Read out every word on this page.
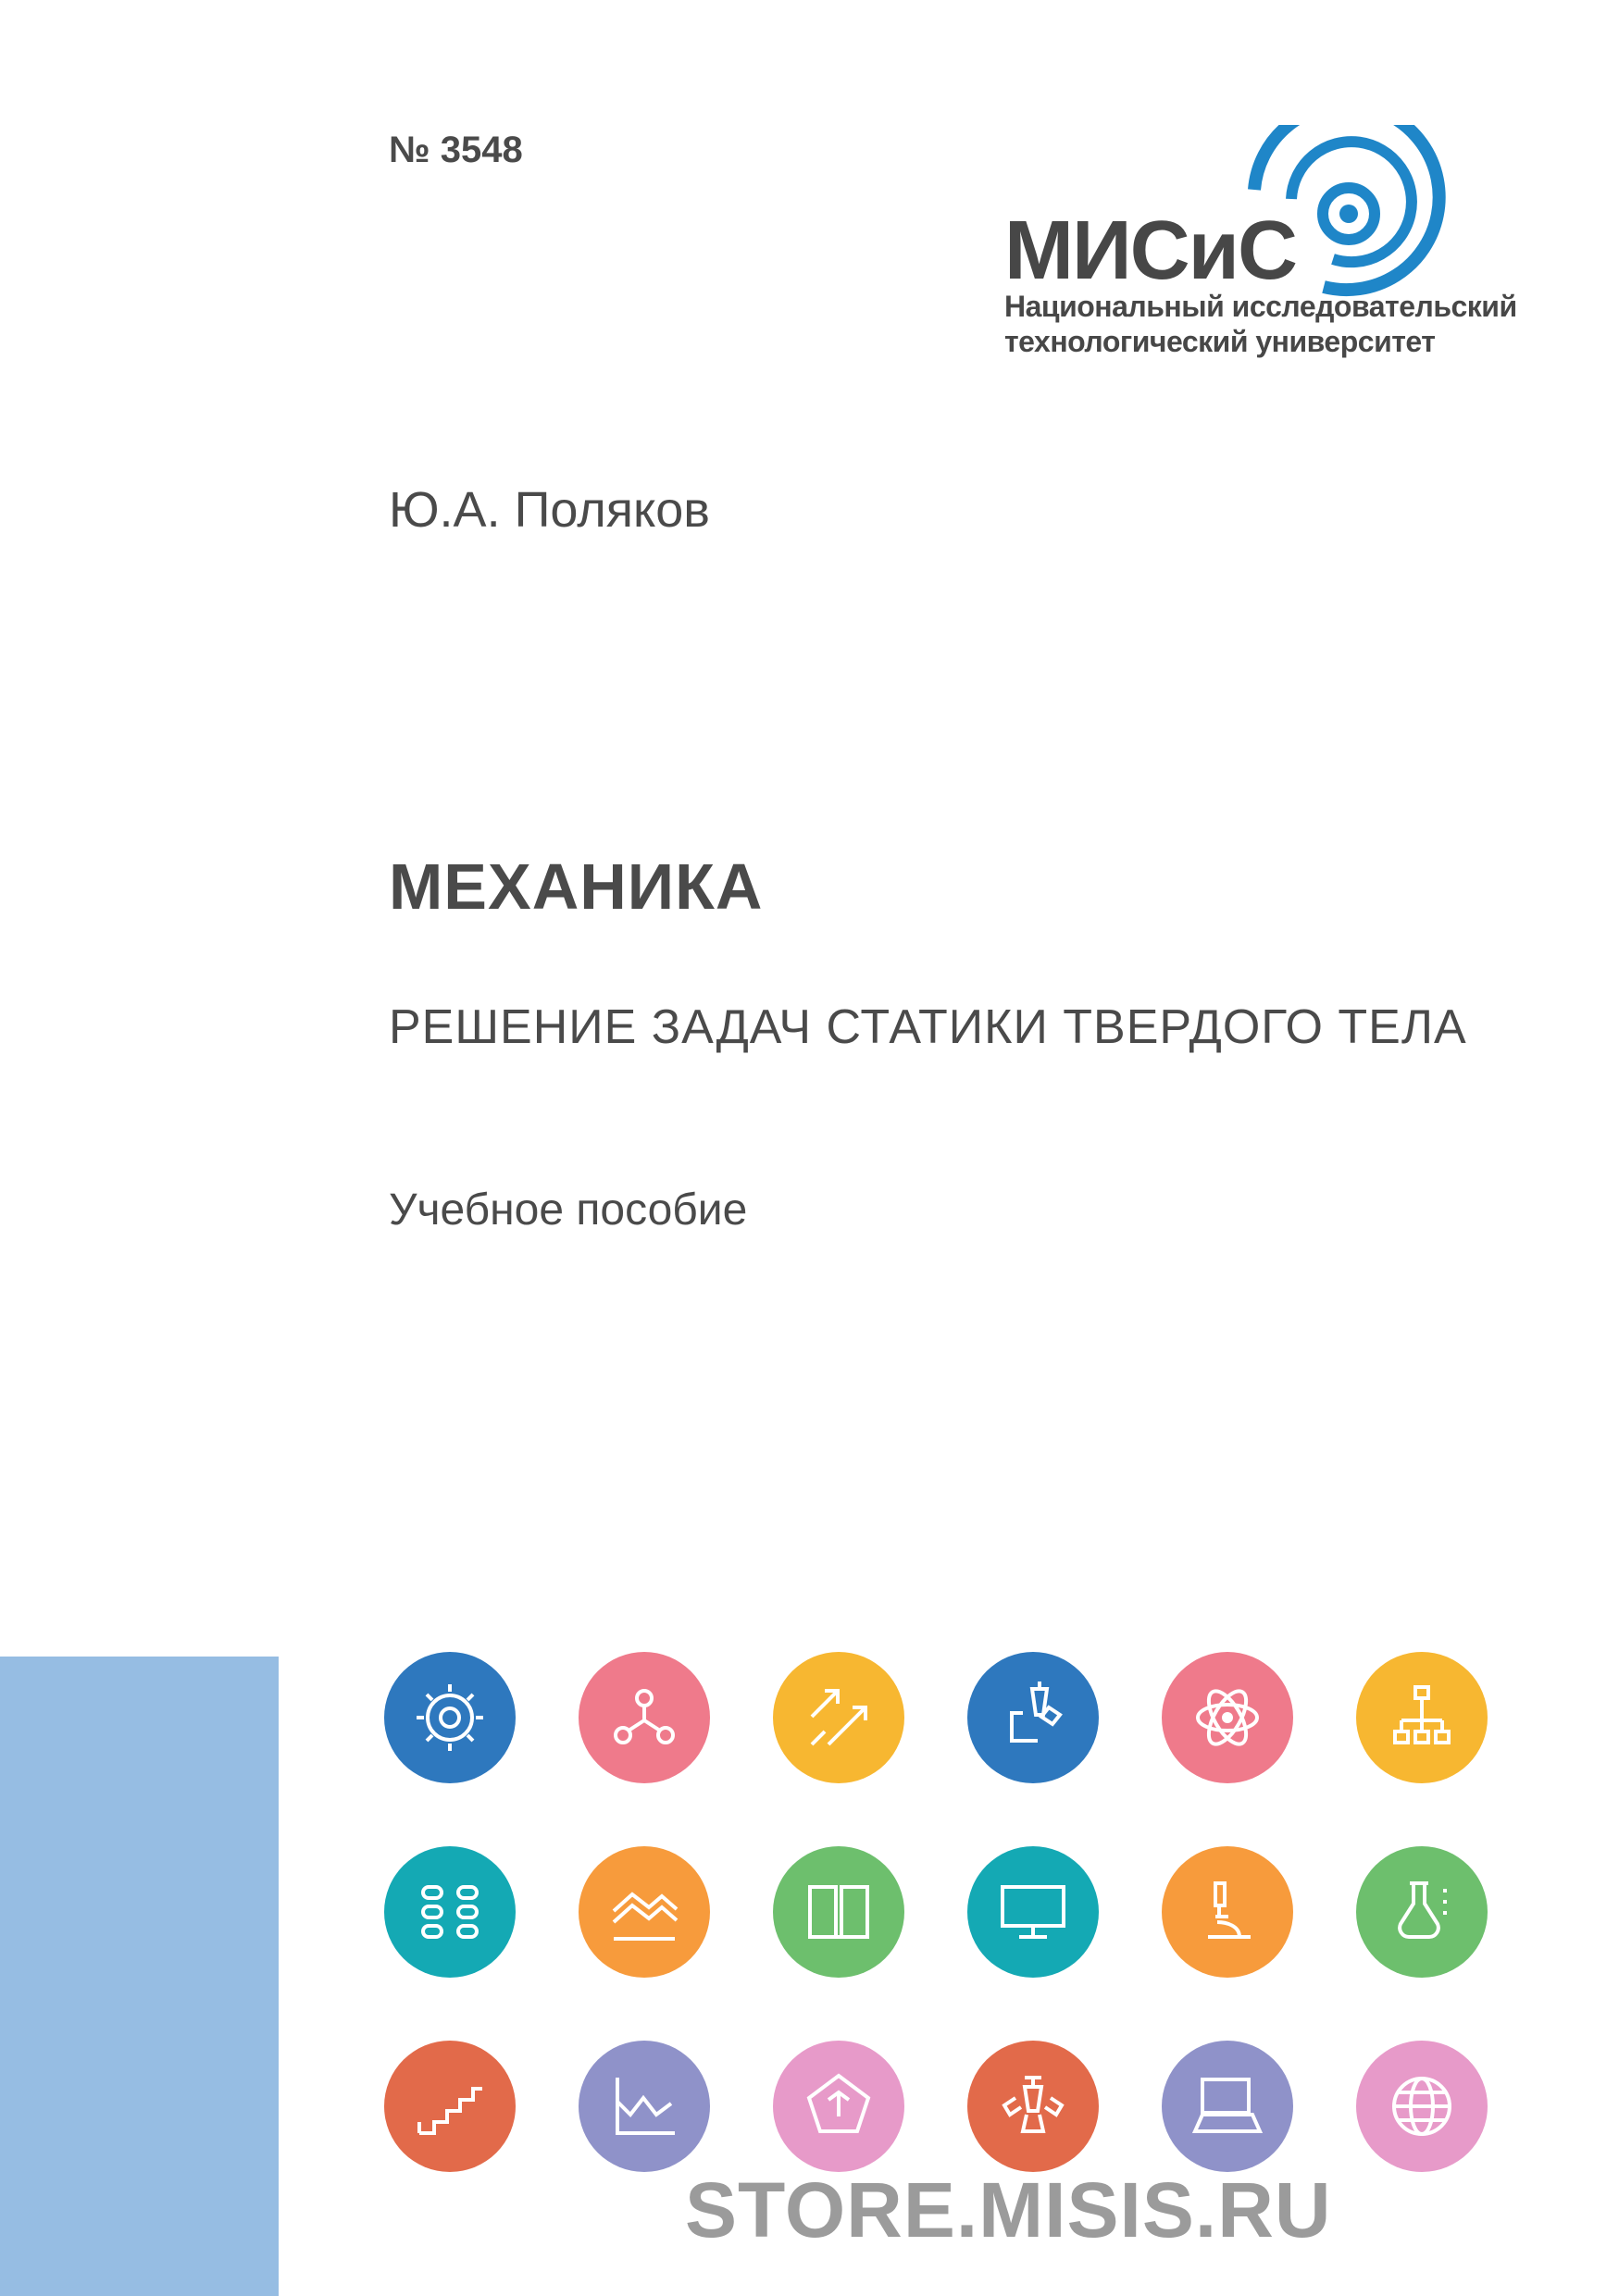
№ 3548
МИСиС
Национальный исследовательский
технологический университет
Ю.А. Поляков
МЕХАНИКА
РЕШЕНИЕ ЗАДАЧ СТАТИКИ ТВЕРДОГО ТЕЛА
Учебное пособие
STORE.MISIS.RU
